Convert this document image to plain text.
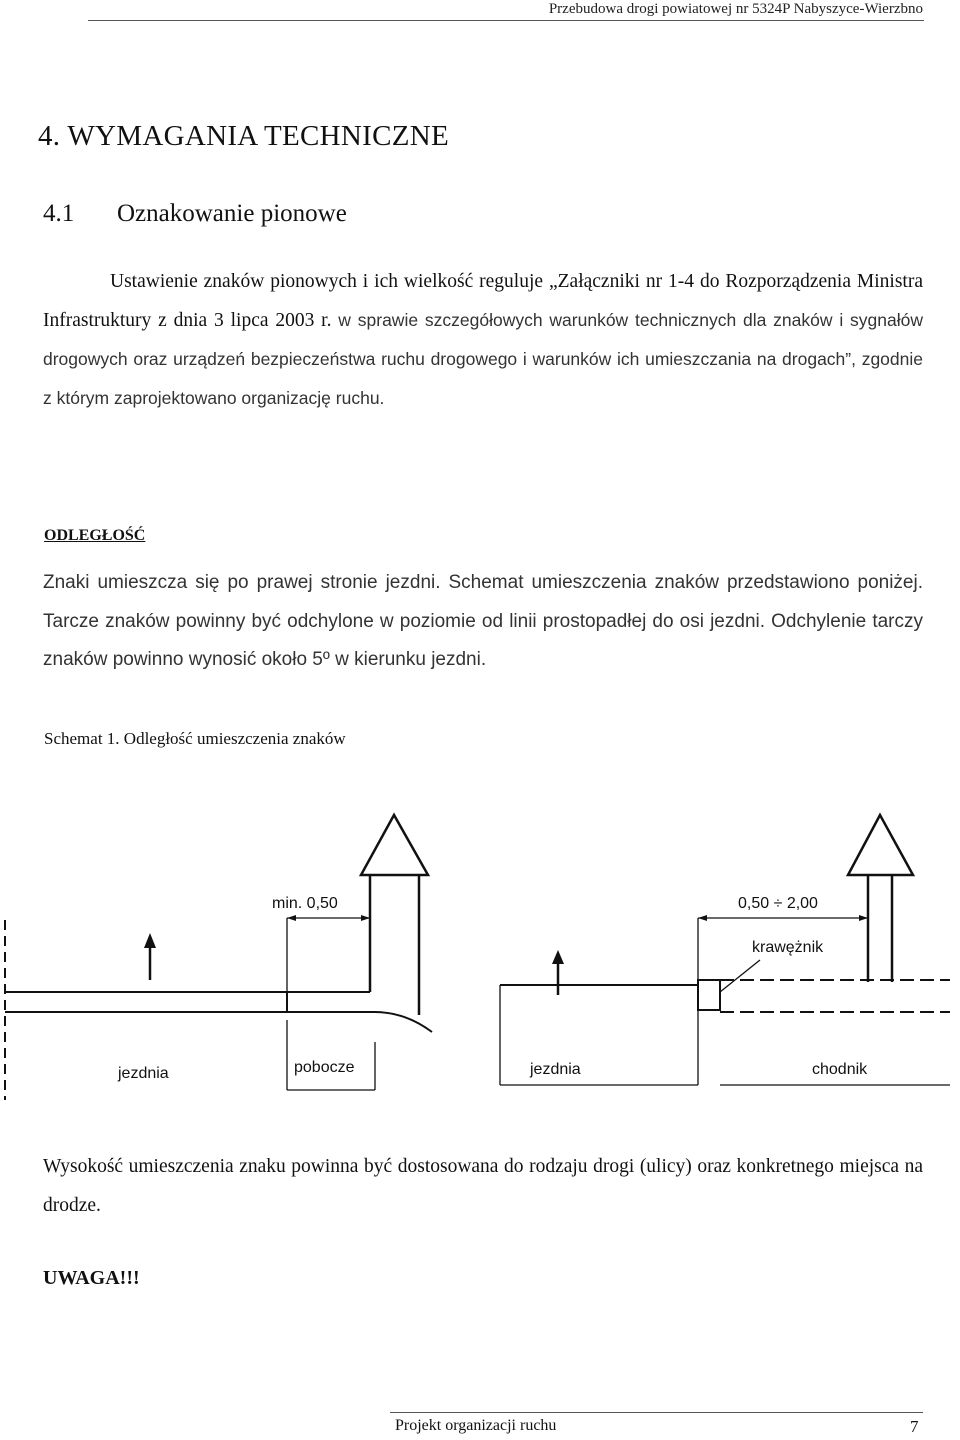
Przebudowa drogi powiatowej nr 5324P Nabyszyce-Wierzbno
4. WYMAGANIA TECHNICZNE
4.1 Oznakowanie pionowe
Ustawienie znaków pionowych i ich wielkość reguluje „Załączniki nr 1-4 do Rozporządzenia Ministra Infrastruktury z dnia 3 lipca 2003 r. w sprawie szczegółowych warunków technicznych dla znaków i sygnałów drogowych oraz urządzeń bezpieczeństwa ruchu drogowego i warunków ich umieszczania na drogach”, zgodnie z którym zaprojektowano organizację ruchu.
ODLEGŁOŚĆ
Znaki umieszcza się po prawej stronie jezdni. Schemat umieszczenia znaków przedstawiono poniżej. Tarcze znaków powinny być odchylone w poziomie od linii prostopadłej do osi jezdni. Odchylenie tarczy znaków powinno wynosić około 5º w kierunku jezdni.
Schemat 1. Odległość umieszczenia znaków
min. 0,50
jezdnia	pobocze
0,50 ÷ 2,00
krawężnik
jezdnia	chodnik
Wysokość umieszczenia znaku powinna być dostosowana do rodzaju drogi (ulicy) oraz konkretnego miejsca na drodze.
UWAGA!!!
Projekt organizacji ruchu	7
